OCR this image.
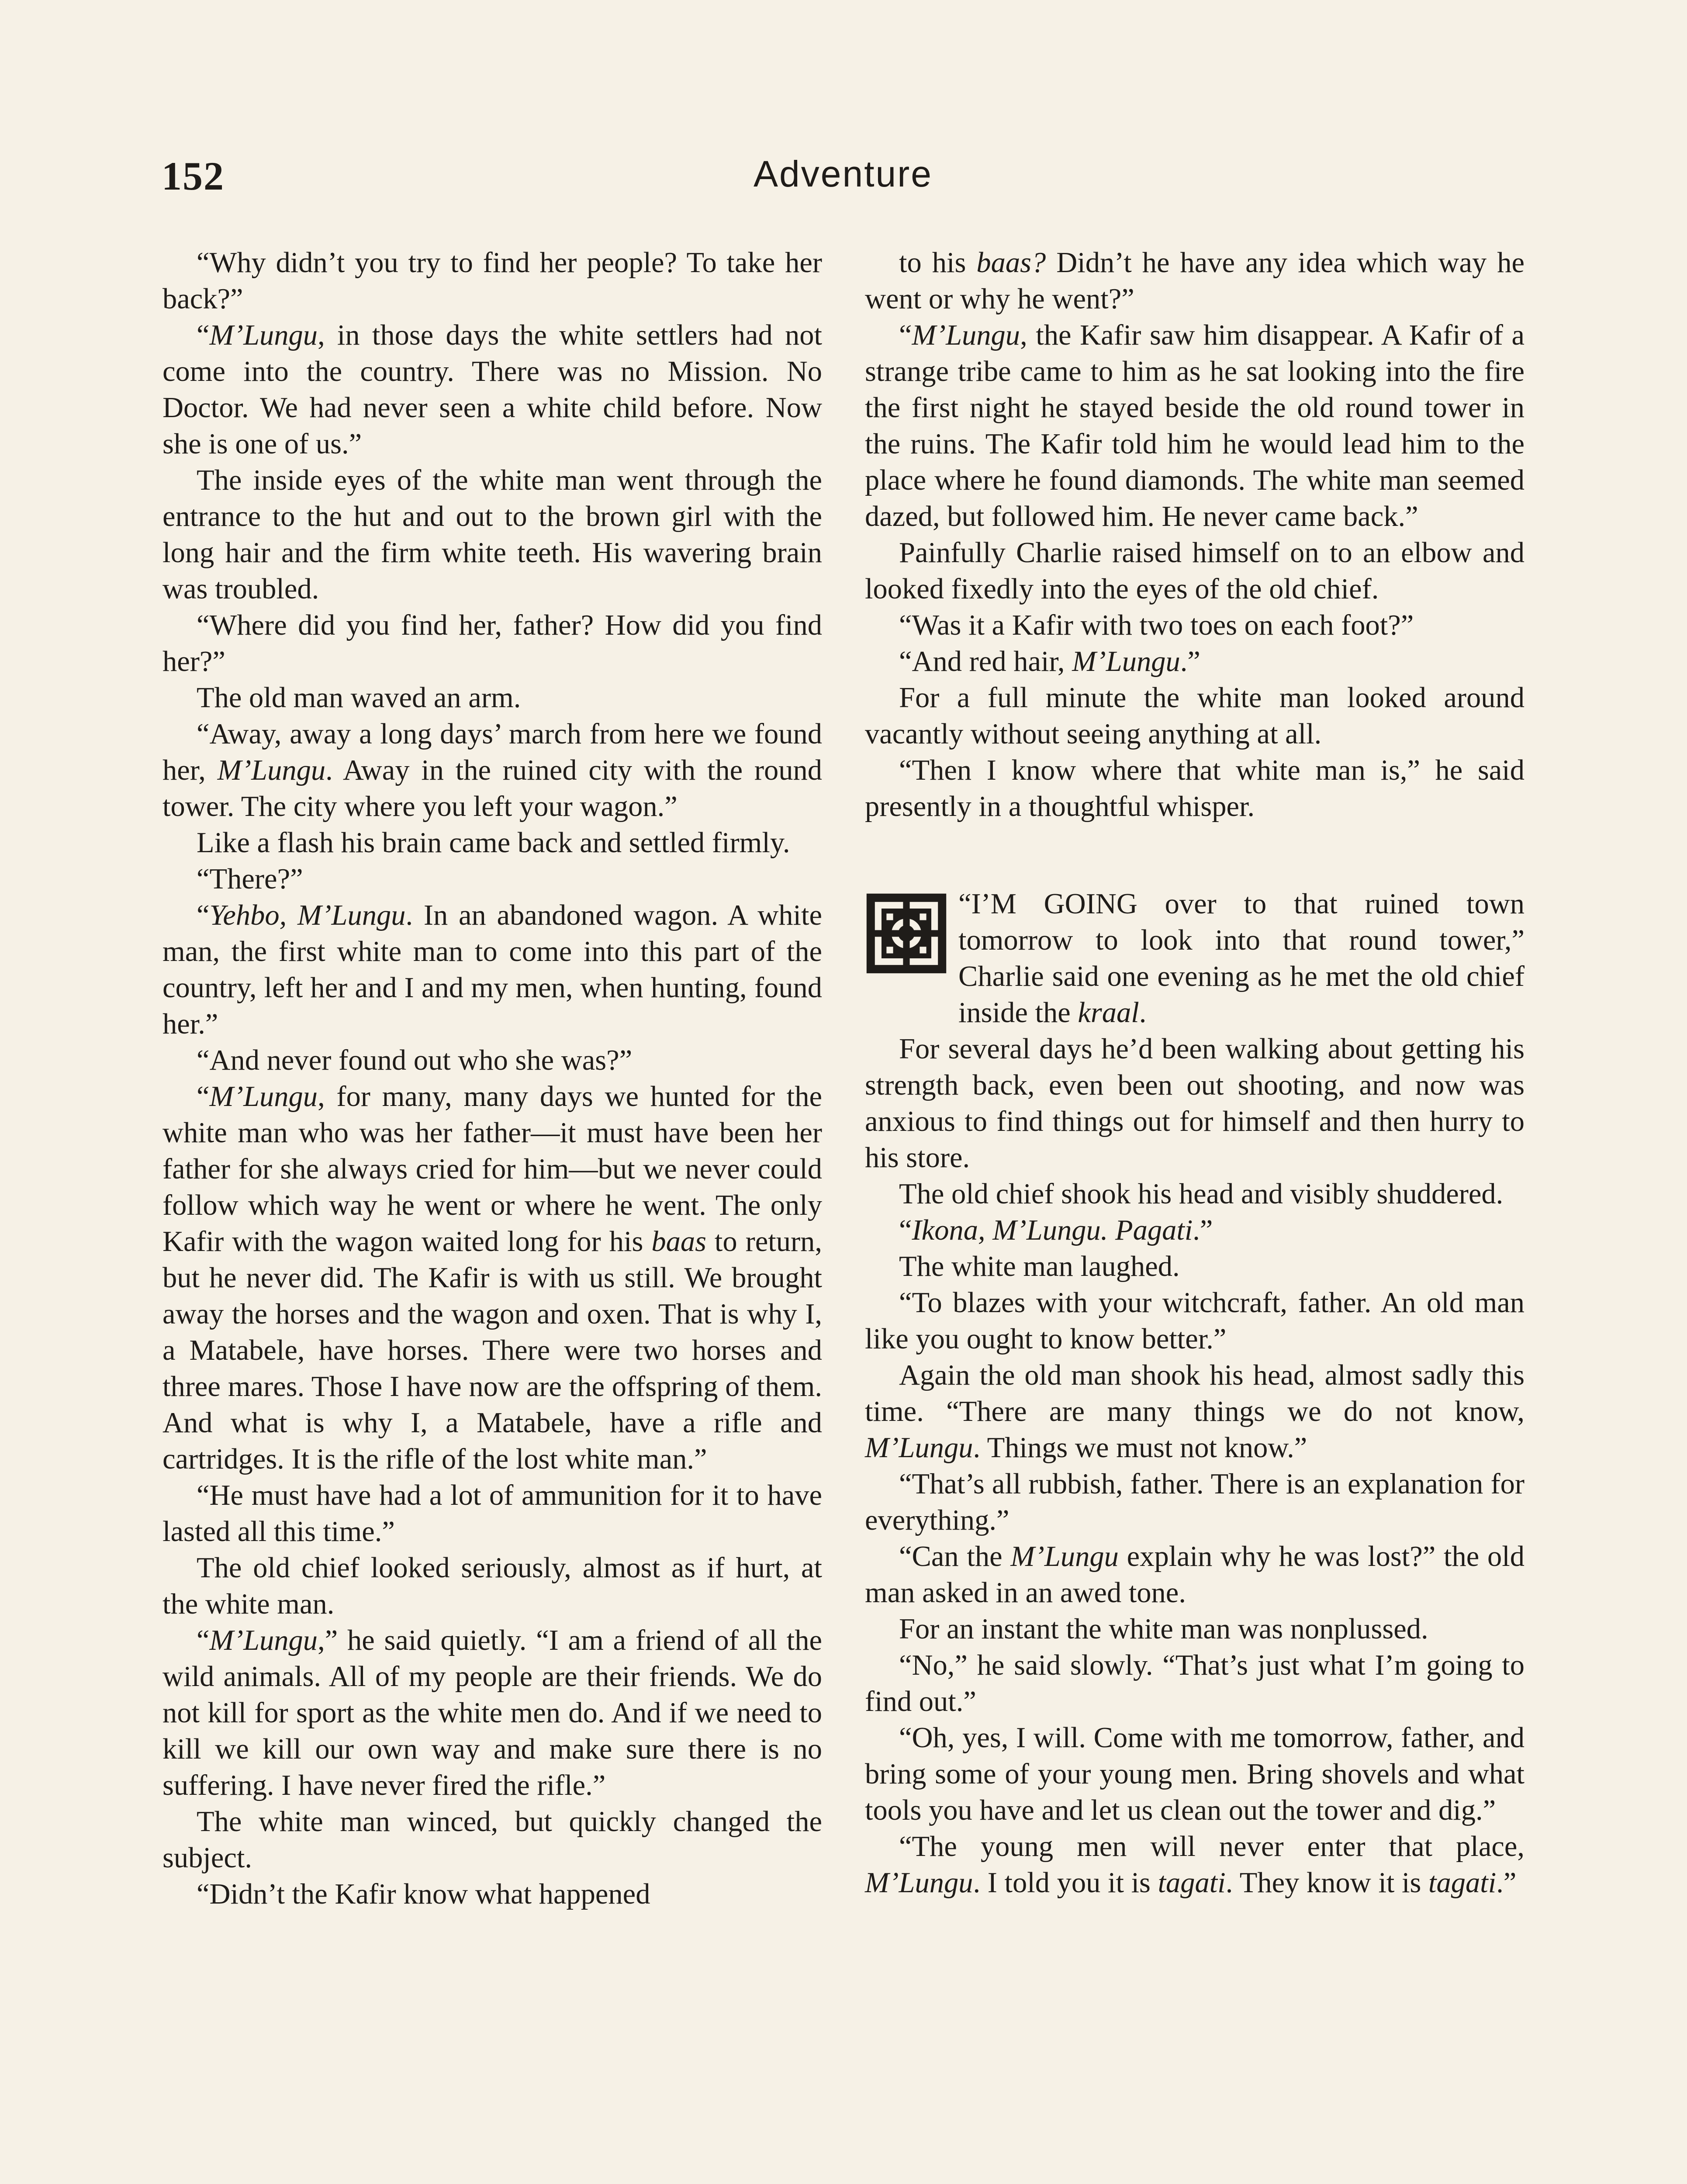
Adventure
152

“Why didn’t you try to find her people? To take her back?”

“M’Lungu, in those days the white settlers had not come into the country. There was no Mission. No Doctor. We had never seen a white child before. Now she is one of us.”

The inside eyes of the white man went through the entrance to the hut and out to the brown girl with the long hair and the firm white teeth. His wavering brain was troubled.

“Where did you find her, father? How did you find her?”

The old man waved an arm.

“Away, away a long days’ march from here we found her, M’Lungu. Away in the ruined city with the round tower. The city where you left your wagon.”

Like a flash his brain came back and settled firmly.

“There?”

“Yehbo, M’Lungu. In an abandoned wagon. A white man, the first white man to come into this part of the country, left her and I and my men, when hunting, found her.”

“And never found out who she was?”

“M’Lungu, for many, many days we hunted for the white man who was her father—it must have been her father for she always cried for him—but we never could follow which way he went or where he went. The only Kafir with the wagon waited long for his baas to return, but he never did. The Kafir is with us still. We brought away the horses and the wagon and oxen. That is why I, a Matabele, have horses. There were two horses and three mares. Those I have now are the offspring of them. And what is why I, a Matabele, have a rifle and cartridges. It is the rifle of the lost white man.”

“He must have had a lot of ammunition for it to have lasted all this time.”

The old chief looked seriously, almost as if hurt, at the white man.

“M’Lungu,” he said quietly. “I am a friend of all the wild animals. All of my people are their friends. We do not kill for sport as the white men do. And if we need to kill we kill our own way and make sure there is no suffering. I have never fired the rifle.”

The white man winced, but quickly changed the subject.

“Didn’t the Kafir know what happened

to his baas? Didn’t he have any idea which way he went or why he went?”

“M’Lungu, the Kafir saw him disappear. A Kafir of a strange tribe came to him as he sat looking into the fire the first night he stayed beside the old round tower in the ruins. The Kafir told him he would lead him to the place where he found diamonds. The white man seemed dazed, but followed him. He never came back.”

Painfully Charlie raised himself on to an elbow and looked fixedly into the eyes of the old chief.

“Was it a Kafir with two toes on each foot?”

“And red hair, M’Lungu.”

For a full minute the white man looked around vacantly without seeing anything at all.

“Then I know where that white man is,” he said presently in a thoughtful whisper.

“I’M GOING over to that ruined town tomorrow to look into that round tower,” Charlie said one evening as he met the old chief inside the kraal.

For several days he’d been walking about getting his strength back, even been out shooting, and now was anxious to find things out for himself and then hurry to his store.

The old chief shook his head and visibly shuddered.

“Ikona, M’Lungu. Pagati.”

The white man laughed.

“To blazes with your witchcraft, father. An old man like you ought to know better.”

Again the old man shook his head, almost sadly this time. “There are many things we do not know, M’Lungu. Things we must not know.”

“That’s all rubbish, father. There is an explanation for everything.”

“Can the M’Lungu explain why he was lost?” the old man asked in an awed tone.

For an instant the white man was nonplussed.

“No,” he said slowly. “That’s just what I’m going to find out.”

“Oh, yes, I will. Come with me tomorrow, father, and bring some of your young men. Bring shovels and what tools you have and let us clean out the tower and dig.”

“The young men will never enter that place, M’Lungu. I told you it is tagati. They know it is tagati.”
